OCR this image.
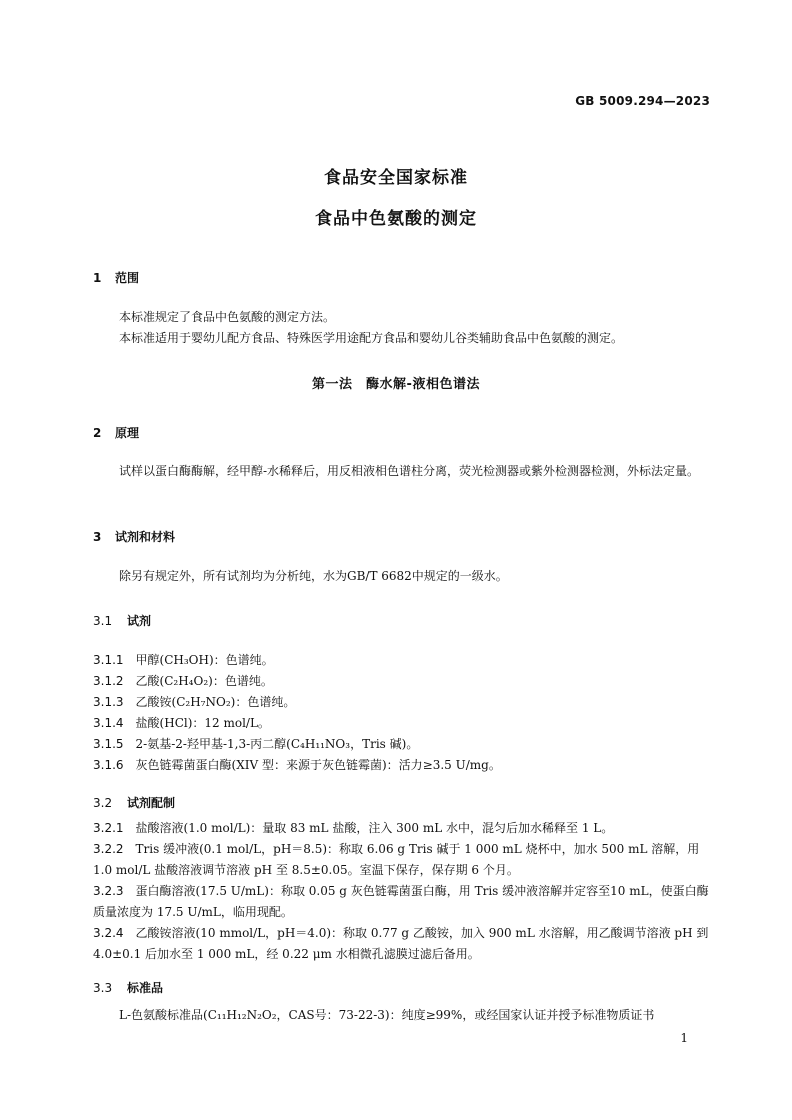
GB 5009.294—2023
食品安全国家标准
食品中色氨酸的测定
1 范围
本标准规定了食品中色氨酸的测定方法。
本标准适用于婴幼儿配方食品、特殊医学用途配方食品和婴幼儿谷类辅助食品中色氨酸的测定。
第一法　酶水解-液相色谱法
2 原理
试样以蛋白酶酶解，经甲醇-水稀释后，用反相液相色谱柱分离，荧光检测器或紫外检测器检测，外标法定量。
3 试剂和材料
除另有规定外，所有试剂均为分析纯，水为GB/T 6682中规定的一级水。
3.1 试剂
3.1.1 甲醇(CH₃OH)：色谱纯。
3.1.2 乙酸(C₂H₄O₂)：色谱纯。
3.1.3 乙酸铵(C₂H₇NO₂)：色谱纯。
3.1.4 盐酸(HCl)：12 mol/L。
3.1.5 2-氨基-2-羟甲基-1,3-丙二醇(C₄H₁₁NO₃，Tris 碱)。
3.1.6 灰色链霉菌蛋白酶(XIV 型：来源于灰色链霉菌)：活力≥3.5 U/mg。
3.2 试剂配制
3.2.1 盐酸溶液(1.0 mol/L)：量取 83 mL 盐酸，注入 300 mL 水中，混匀后加水稀释至 1 L。
3.2.2 Tris 缓冲液(0.1 mol/L，pH＝8.5)：称取 6.06 g Tris 碱于 1 000 mL 烧杯中，加水 500 mL 溶解，用 1.0 mol/L 盐酸溶液调节溶液 pH 至 8.5±0.05。室温下保存，保存期 6 个月。
3.2.3 蛋白酶溶液(17.5 U/mL)：称取 0.05 g 灰色链霉菌蛋白酶，用 Tris 缓冲液溶解并定容至10 mL，使蛋白酶质量浓度为 17.5 U/mL，临用现配。
3.2.4 乙酸铵溶液(10 mmol/L，pH＝4.0)：称取 0.77 g 乙酸铵，加入 900 mL 水溶解，用乙酸调节溶液 pH 到 4.0±0.1 后加水至 1 000 mL，经 0.22 μm 水相微孔滤膜过滤后备用。
3.3 标准品
L-色氨酸标准品(C₁₁H₁₂N₂O₂，CAS号：73-22-3)：纯度≥99%，或经国家认证并授予标准物质证书
1
